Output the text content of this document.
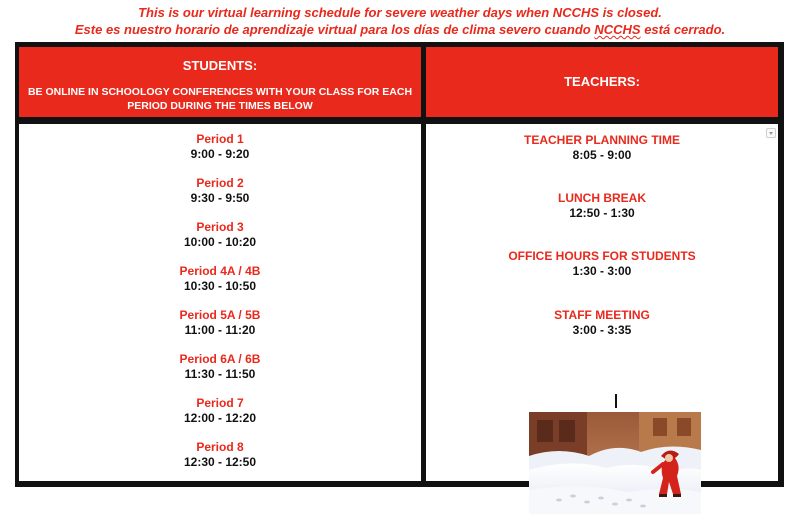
This is our virtual learning schedule for severe weather days when NCCHS is closed.
Este es nuestro horario de aprendizaje virtual para los días de clima severo cuando NCCHS está cerrado.
STUDENTS:
BE ONLINE IN SCHOOLOGY CONFERENCES WITH YOUR CLASS FOR EACH PERIOD DURING THE TIMES BELOW
TEACHERS:
Period 1
9:00 - 9:20
Period 2
9:30 - 9:50
Period 3
10:00 - 10:20
Period 4A / 4B
10:30 - 10:50
Period 5A / 5B
11:00 - 11:20
Period 6A / 6B
11:30 - 11:50
Period 7
12:00 - 12:20
Period 8
12:30 - 12:50
TEACHER PLANNING TIME
8:05 - 9:00
LUNCH BREAK
12:50 - 1:30
OFFICE HOURS FOR STUDENTS
1:30 - 3:00
STAFF MEETING
3:00 - 3:35
